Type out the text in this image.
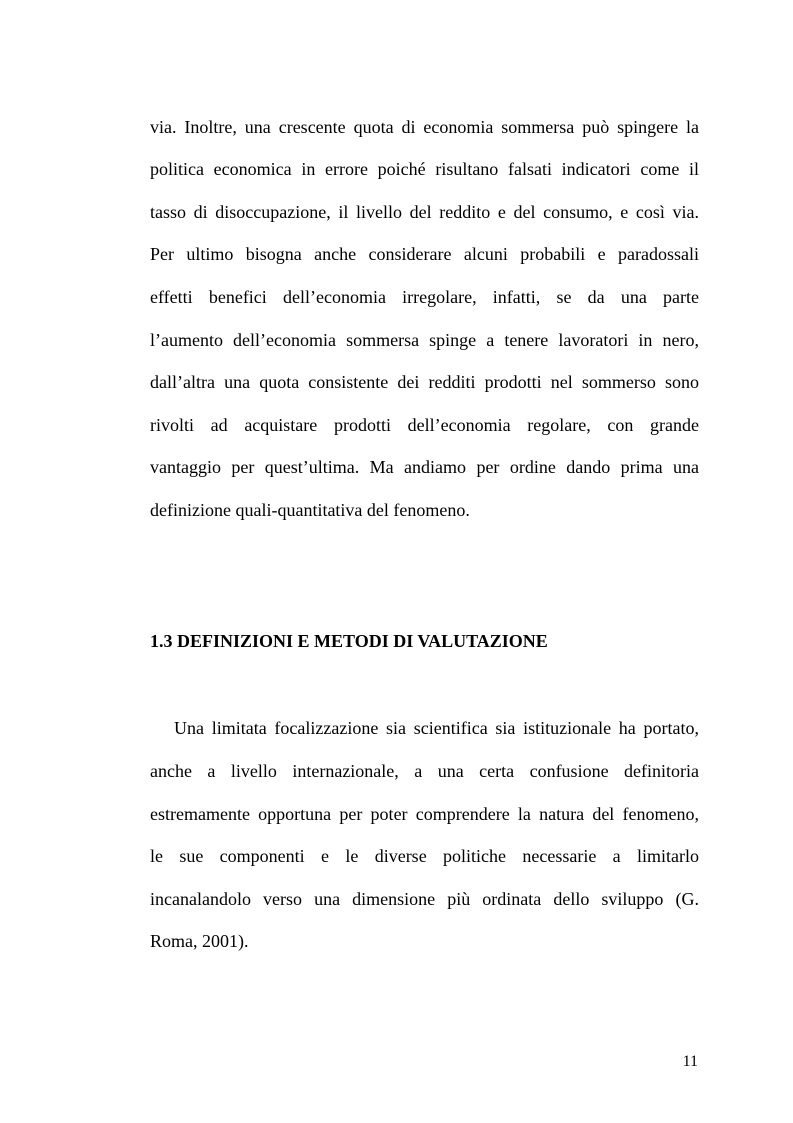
via. Inoltre, una crescente quota di economia sommersa può spingere la
politica economica in errore poiché risultano falsati indicatori come il
tasso di disoccupazione, il livello del reddito e del consumo, e così via.
Per ultimo bisogna anche considerare alcuni probabili e paradossali
effetti benefici dell’economia irregolare, infatti, se da una parte
l’aumento dell’economia sommersa spinge a tenere lavoratori in nero,
dall’altra una quota consistente dei redditi prodotti nel sommerso sono
rivolti ad acquistare prodotti dell’economia regolare, con grande
vantaggio per quest’ultima. Ma andiamo per ordine dando prima una
definizione quali-quantitativa del fenomeno.
1.3 DEFINIZIONI E METODI DI VALUTAZIONE
Una limitata focalizzazione sia scientifica sia istituzionale ha portato,
anche a livello internazionale, a una certa confusione definitoria
estremamente opportuna per poter comprendere la natura del fenomeno,
le sue componenti e le diverse politiche necessarie a limitarlo
incanalandolo verso una dimensione più ordinata dello sviluppo (G.
Roma, 2001).
11
